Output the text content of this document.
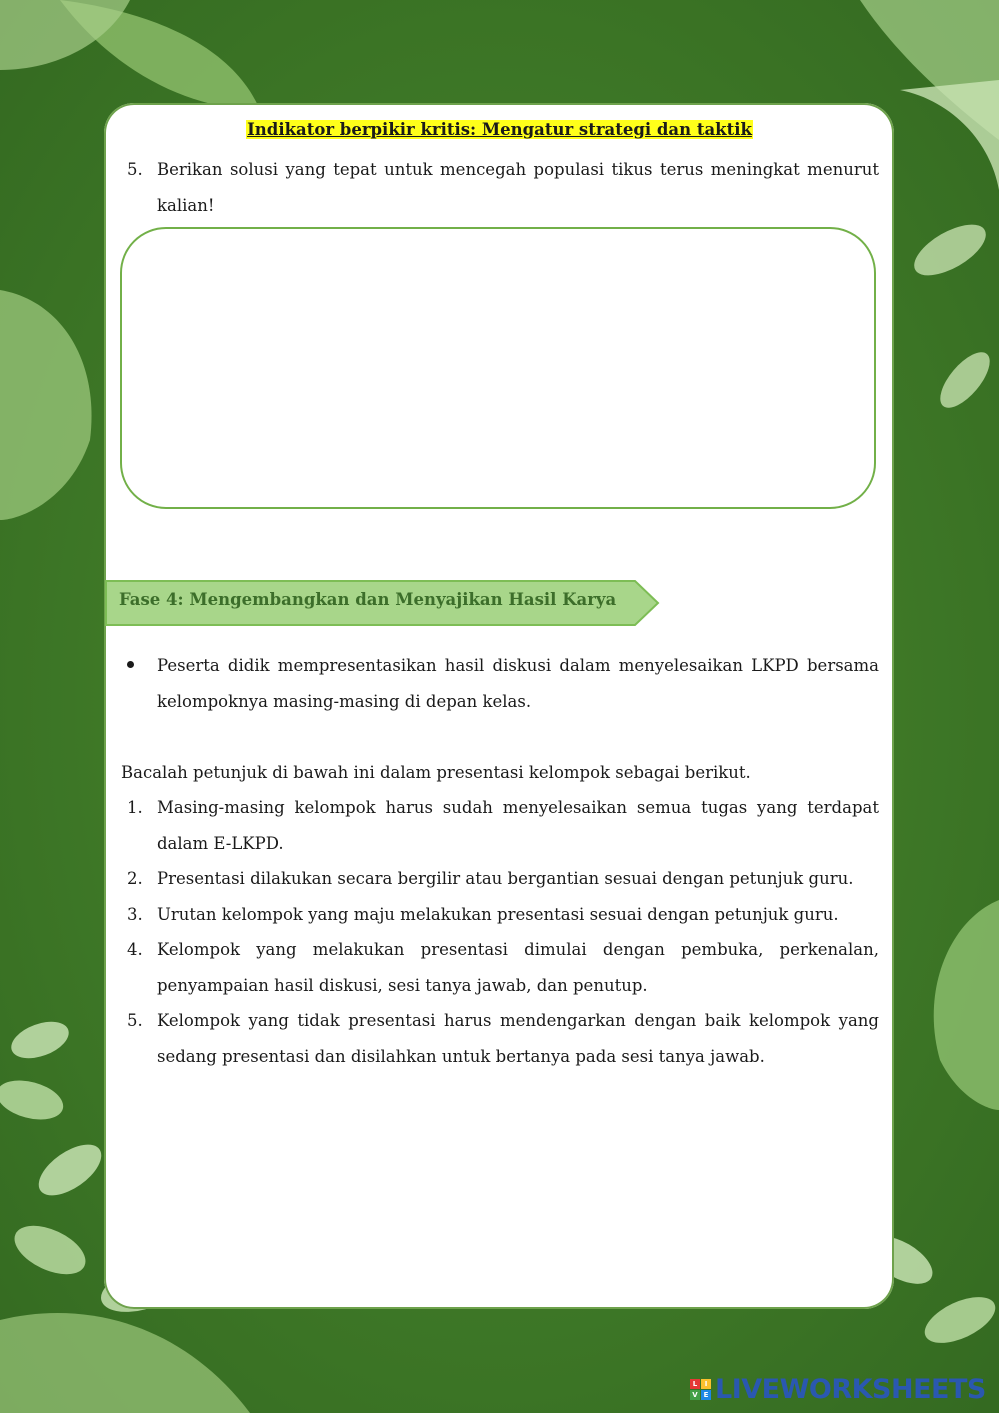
Indikator berpikir kritis: Mengatur strategi dan taktik
5. Berikan solusi yang tepat untuk mencegah populasi tikus terus meningkat menurut kalian!
Fase 4: Mengembangkan dan Menyajikan Hasil Karya
Peserta didik mempresentasikan hasil diskusi dalam menyelesaikan LKPD bersama kelompoknya masing-masing di depan kelas.
Bacalah petunjuk di bawah ini dalam presentasi kelompok sebagai berikut.
1. Masing-masing kelompok harus sudah menyelesaikan semua tugas yang terdapat dalam E-LKPD.
2. Presentasi dilakukan secara bergilir atau bergantian sesuai dengan petunjuk guru.
3. Urutan kelompok yang maju melakukan presentasi sesuai dengan petunjuk guru.
4. Kelompok yang melakukan presentasi dimulai dengan pembuka, perkenalan, penyampaian hasil diskusi, sesi tanya jawab, dan penutup.
5. Kelompok yang tidak presentasi harus mendengarkan dengan baik kelompok yang sedang presentasi dan disilahkan untuk bertanya pada sesi tanya jawab.
L	I
V E LIVEWORKSHEETS
